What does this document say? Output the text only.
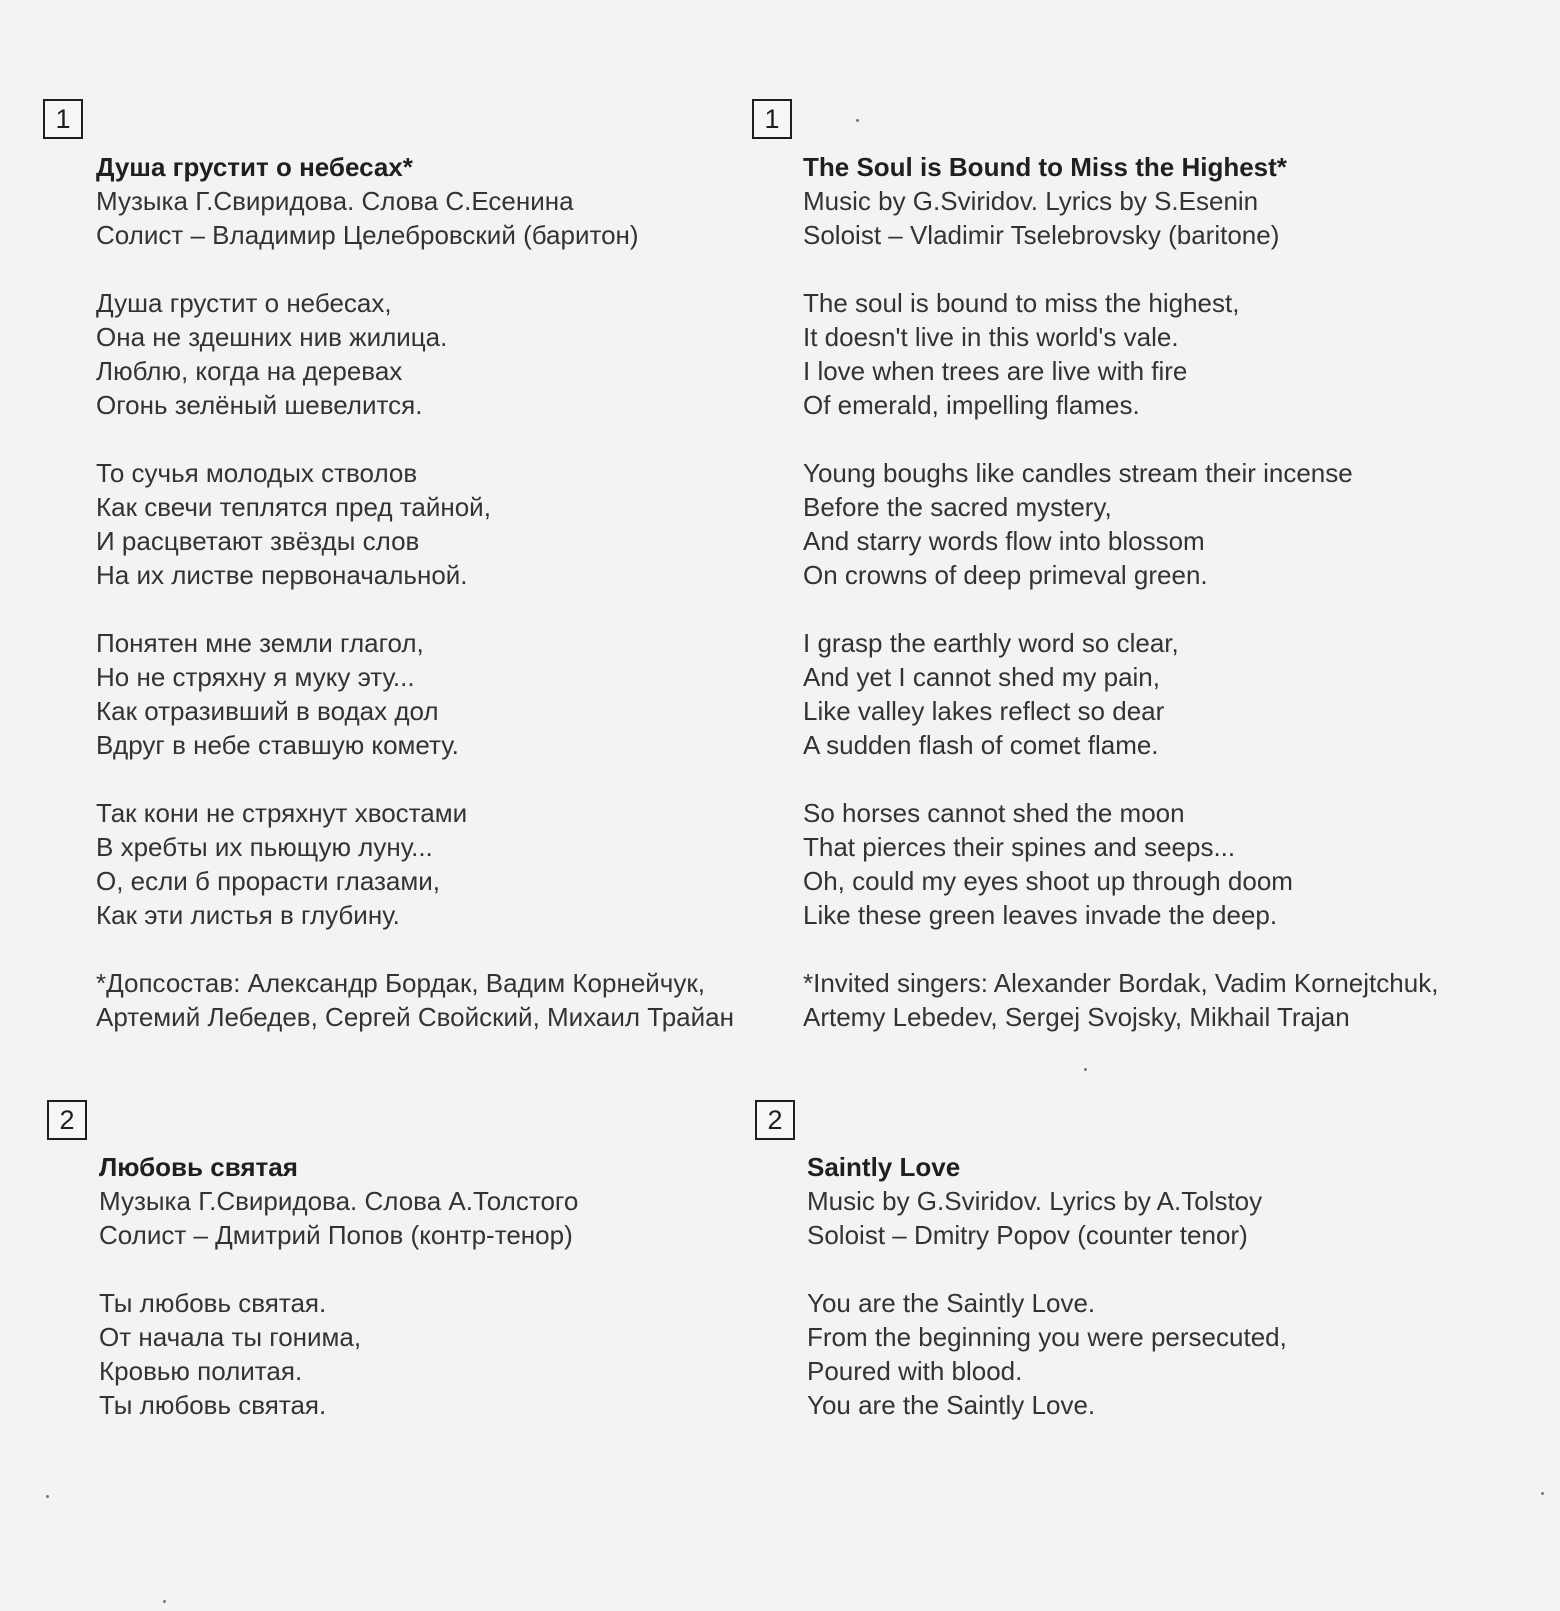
1
Душа грустит о небесах*
Музыка Г.Свиридова. Слова С.Есенина
Солист – Владимир Целебровский (баритон)
Душа грустит о небесах,
Она не здешних нив жилица.
Люблю, когда на деревах
Огонь зелёный шевелится.
То сучья молодых стволов
Как свечи теплятся пред тайной,
И расцветают звёзды слов
На их листве первоначальной.
Понятен мне земли глагол,
Но не стряхну я муку эту...
Как отразивший в водах дол
Вдруг в небе ставшую комету.
Так кони не стряхнут хвостами
В хребты их пьющую луну...
О, если б прорасти глазами,
Как эти листья в глубину.
*Допсостав: Александр Бордак, Вадим Корнейчук,
Артемий Лебедев, Сергей Свойский, Михаил Трайан
1
The Soul is Bound to Miss the Highest*
Music by G.Sviridov. Lyrics by S.Esenin
Soloist – Vladimir Tselebrovsky (baritone)
The soul is bound to miss the highest,
It doesn't live in this world's vale.
I love when trees are live with fire
Of emerald, impelling flames.
Young boughs like candles stream their incense
Before the sacred mystery,
And starry words flow into blossom
On crowns of deep primeval green.
I grasp the earthly word so clear,
And yet I cannot shed my pain,
Like valley lakes reflect so dear
A sudden flash of comet flame.
So horses cannot shed the moon
That pierces their spines and seeps...
Oh, could my eyes shoot up through doom
Like these green leaves invade the deep.
*Invited singers: Alexander Bordak, Vadim Kornejtchuk,
Artemy Lebedev, Sergej Svojsky, Mikhail Trajan
2
Любовь святая
Музыка Г.Свиридова. Слова А.Толстого
Солист – Дмитрий Попов (контр-тенор)
Ты любовь святая.
От начала ты гонима,
Кровью политая.
Ты любовь святая.
2
Saintly Love
Music by G.Sviridov. Lyrics by A.Tolstoy
Soloist – Dmitry Popov (counter tenor)
You are the Saintly Love.
From the beginning you were persecuted,
Poured with blood.
You are the Saintly Love.
